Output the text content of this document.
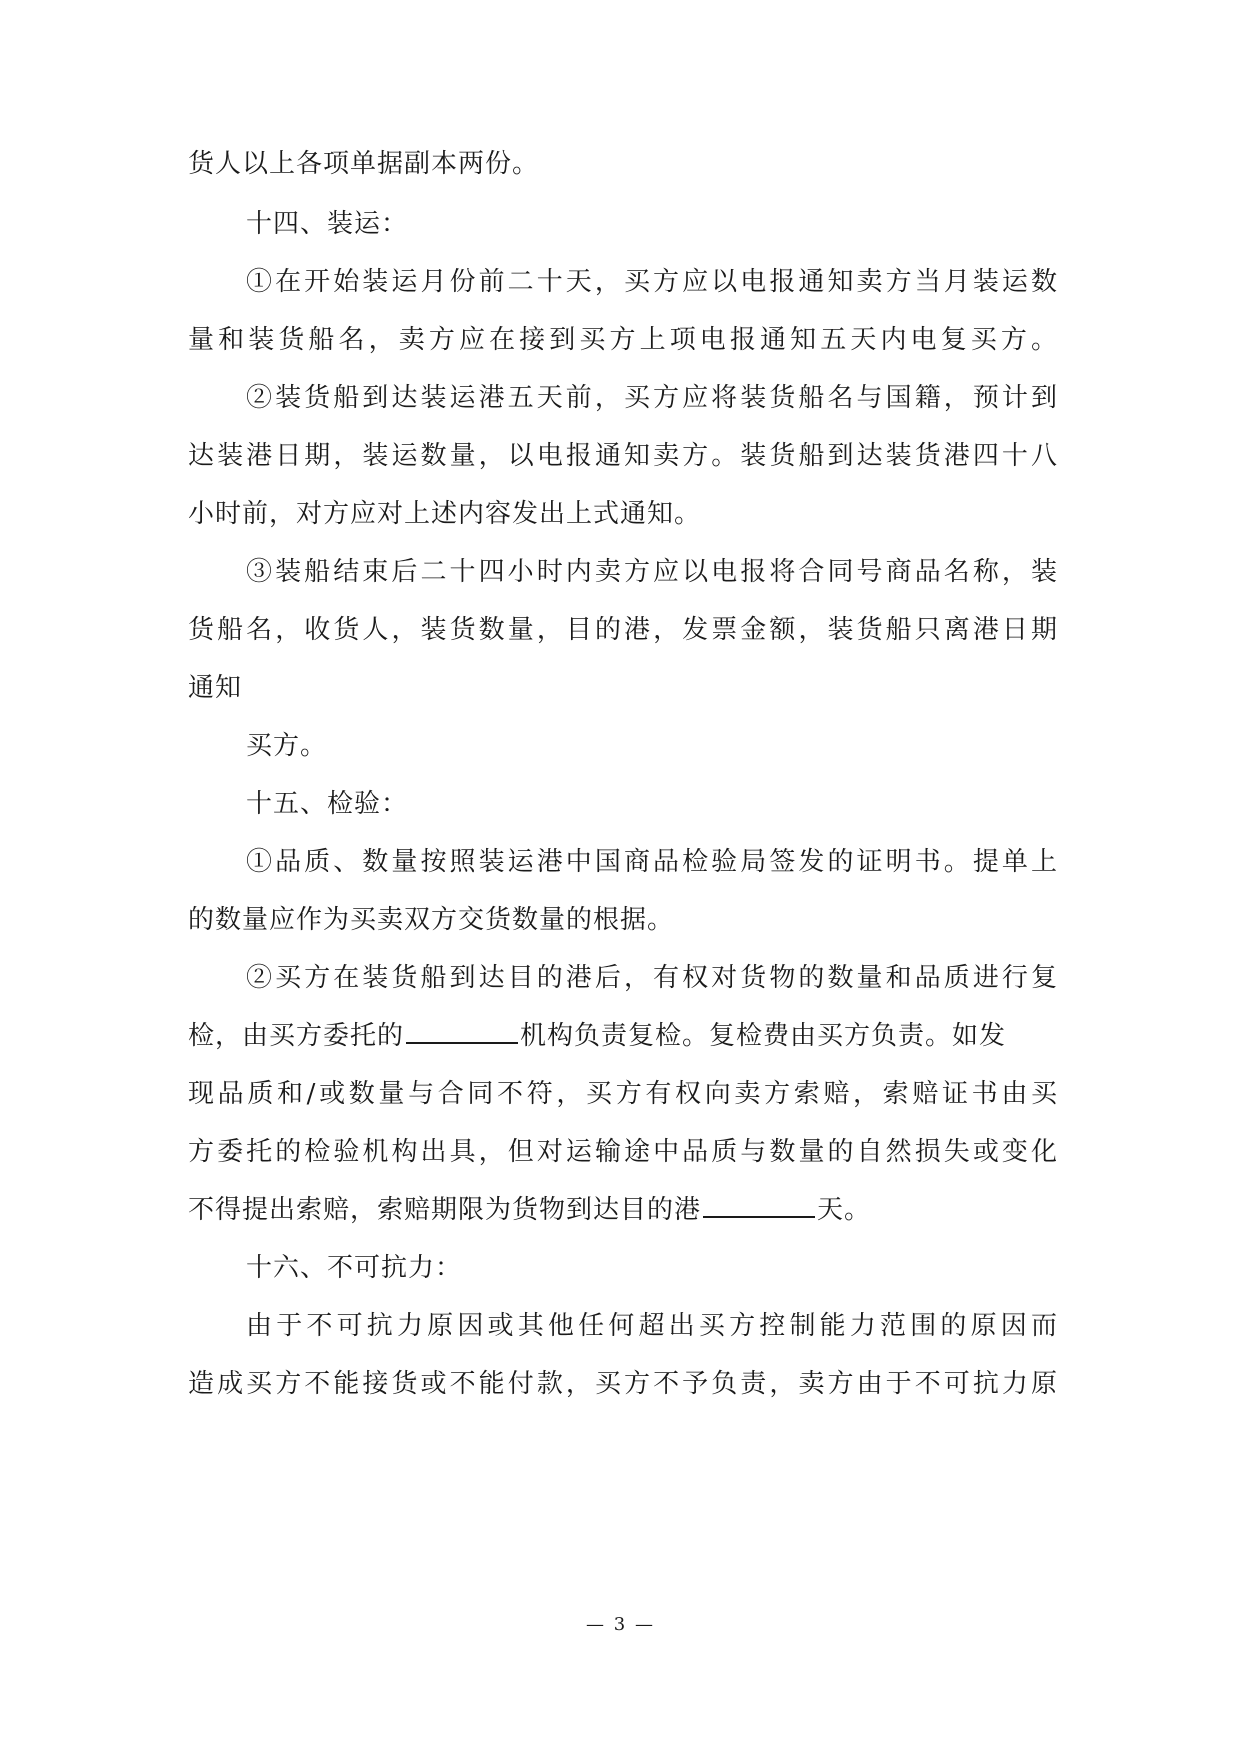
货人以上各项单据副本两份。
十四、装运：
①在开始装运月份前二十天，买方应以电报通知卖方当月装运数
量和装货船名，卖方应在接到买方上项电报通知五天内电复买方。
②装货船到达装运港五天前，买方应将装货船名与国籍，预计到
达装港日期，装运数量，以电报通知卖方。装货船到达装货港四十八
小时前，对方应对上述内容发出上式通知。
③装船结束后二十四小时内卖方应以电报将合同号商品名称，装
货船名，收货人，装货数量，目的港，发票金额，装货船只离港日期
通知
买方。
十五、检验：
①品质、数量按照装运港中国商品检验局签发的证明书。提单上
的数量应作为买卖双方交货数量的根据。
②买方在装货船到达目的港后，有权对货物的数量和品质进行复
检，由买方委托的	机构负责复检。复检费由买方负责。如发
现品质和/或数量与合同不符，买方有权向卖方索赔，索赔证书由买
方委托的检验机构出具，但对运输途中品质与数量的自然损失或变化
不得提出索赔，索赔期限为货物到达目的港	天。
十六、不可抗力：
由于不可抗力原因或其他任何超出买方控制能力范围的原因而
造成买方不能接货或不能付款，买方不予负责，卖方由于不可抗力原
— 3 —
